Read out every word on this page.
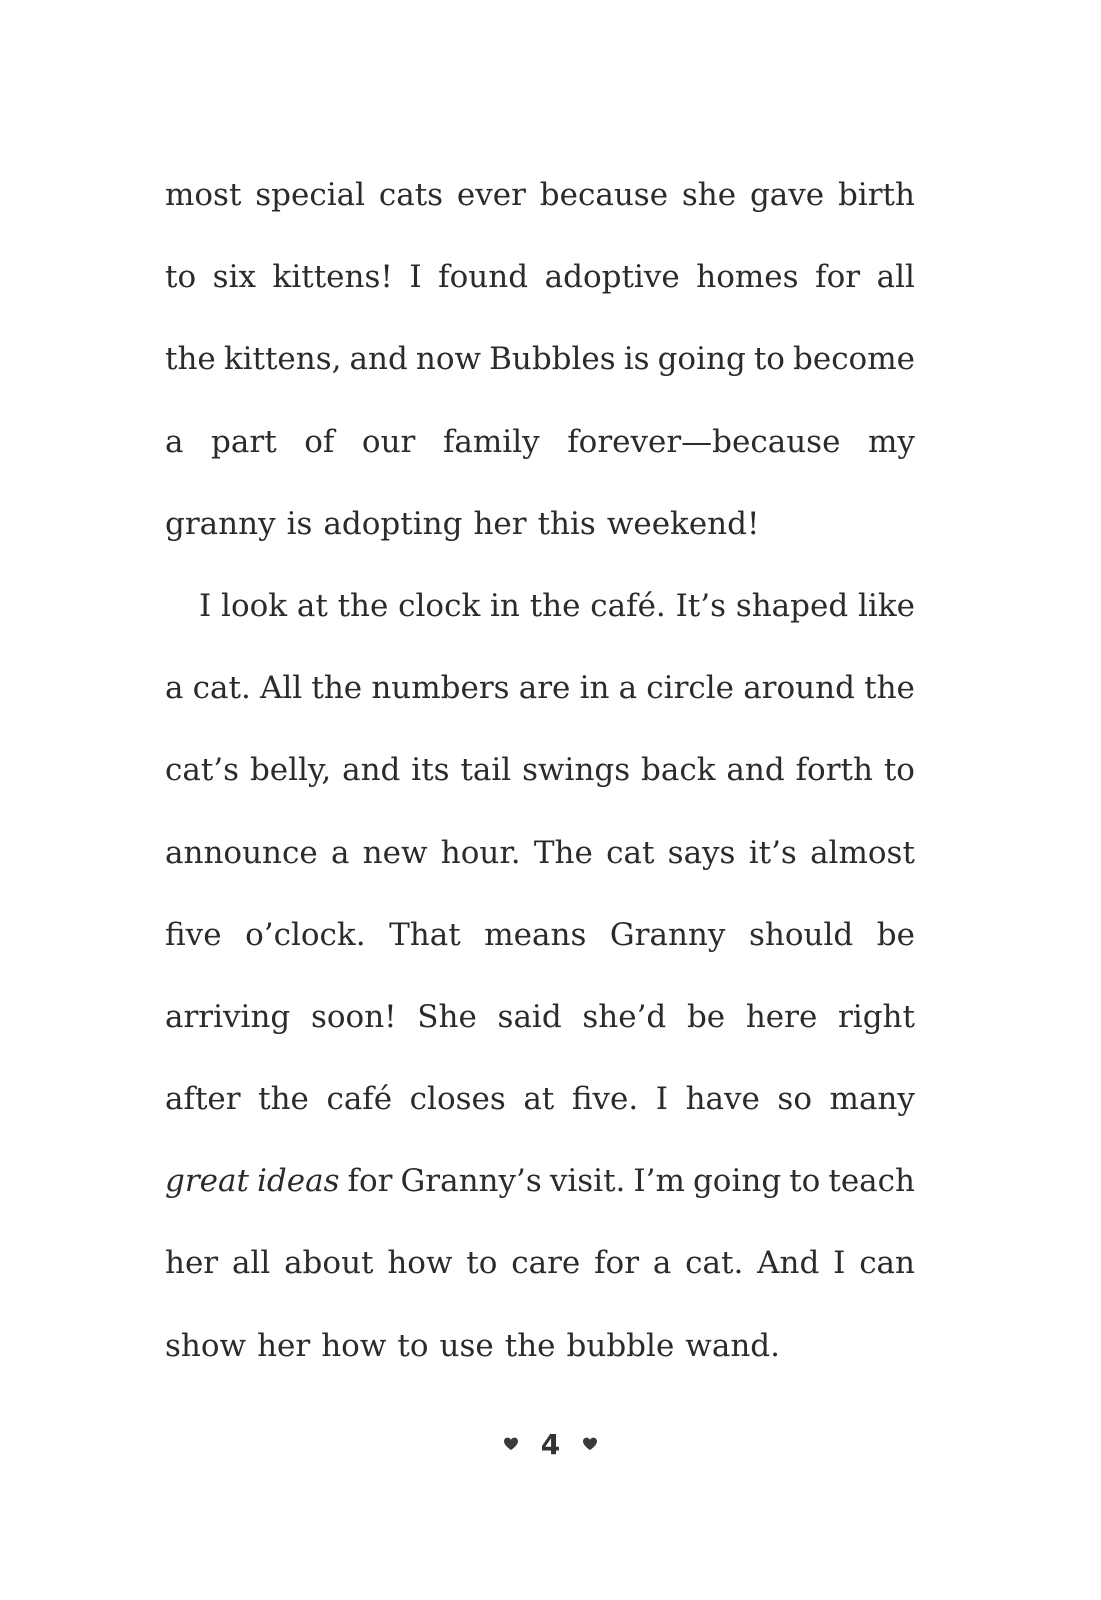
most special cats ever because she gave birth
to six kittens! I found adoptive homes for all
the kittens, and now Bubbles is going to become
a part of our family forever—because my
granny is adopting her this weekend!
I look at the clock in the café. It’s shaped like
a cat. All the numbers are in a circle around the
cat’s belly, and its tail swings back and forth to
announce a new hour. The cat says it’s almost
five o’clock. That means Granny should be
arriving soon! She said she’d be here right
after the café closes at five. I have so many
great ideas for Granny’s visit. I’m going to teach
her all about how to care for a cat. And I can
show her how to use the bubble wand.
4
